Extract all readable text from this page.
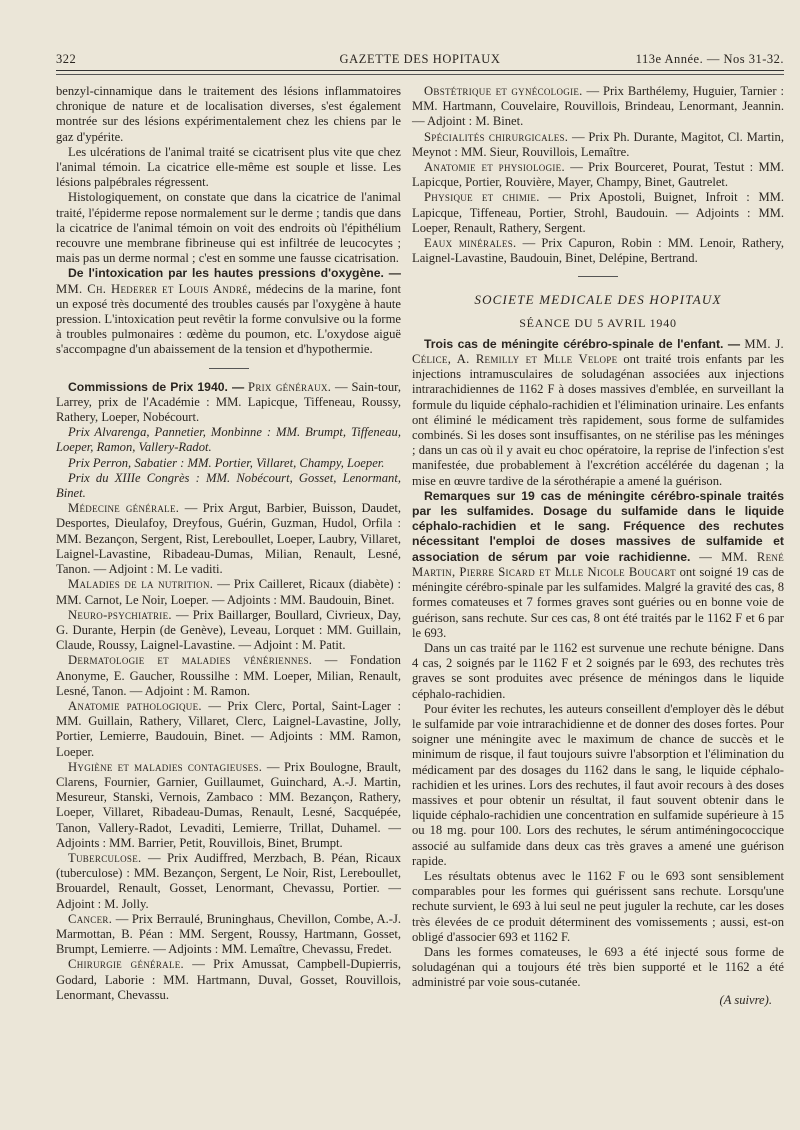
322	GAZETTE DES HOPITAUX	113e Année. — Nos 31-32.

benzyl-cinnamique dans le traitement des lésions inflammatoires chronique de nature et de localisation diverses, s'est également montrée sur des lésions expérimentalement chez les chiens par le gaz d'ypérite.

Les ulcérations de l'animal traité se cicatrisent plus vite que chez l'animal témoin. La cicatrice elle-même est souple et lisse. Les lésions palpébrales régressent.

Histologiquement, on constate que dans la cicatrice de l'animal traité, l'épiderme repose normalement sur le derme ; tandis que dans la cicatrice de l'animal témoin on voit des endroits où l'épithélium recouvre une membrane fibrineuse qui est infiltrée de leucocytes ; mais pas un derme normal ; c'est en somme une fausse cicatrisation.

De l'intoxication par les hautes pressions d'oxygène. — MM. Ch. Hederer et Louis André, médecins de la marine, font un exposé très documenté des troubles causés par l'oxygène à haute pression. L'intoxication peut revêtir la forme convulsive ou la forme à troubles pulmonaires : œdème du poumon, etc. L'oxydose aiguë s'accompagne d'un abaissement de la tension et d'hypothermie.

Commissions de Prix 1940. — Prix généraux. — Sain-tour, Larrey, prix de l'Académie : MM. Lapicque, Tiffeneau, Roussy, Rathery, Loeper, Nobécourt.

Prix Alvarenga, Pannetier, Monbinne : MM. Brumpt, Tiffeneau, Loeper, Ramon, Vallery-Radot.

Prix Perron, Sabatier : MM. Portier, Villaret, Champy, Loeper.

Prix du XIIIe Congrès : MM. Nobécourt, Gosset, Lenormant, Binet.

Médecine générale. — Prix Argut, Barbier, Buisson, Daudet, Desportes, Dieulafoy, Dreyfous, Guérin, Guzman, Hudol, Orfila : MM. Bezançon, Sergent, Rist, Lereboullet, Loeper, Laubry, Villaret, Laignel-Lavastine, Ribadeau-Dumas, Milian, Renault, Lesné, Tanon. — Adjoint : M. Le vaditi.

Maladies de la nutrition. — Prix Cailleret, Ricaux (diabète) : MM. Carnot, Le Noir, Loeper. — Adjoints : MM. Baudouin, Binet.

Neuro-psychiatrie. — Prix Baillarger, Boullard, Civrieux, Day, G. Durante, Herpin (de Genève), Leveau, Lorquet : MM. Guillain, Claude, Roussy, Laignel-Lavastine. — Adjoint : M. Patit.

Dermatologie et maladies vénériennes. — Fondation Anonyme, E. Gaucher, Roussilhe : MM. Loeper, Milian, Renault, Lesné, Tanon. — Adjoint : M. Ramon.

Anatomie pathologique. — Prix Clerc, Portal, Saint-Lager : MM. Guillain, Rathery, Villaret, Clerc, Laignel-Lavastine, Jolly, Portier, Lemierre, Baudouin, Binet. — Adjoints : MM. Ramon, Loeper.

Hygiène et maladies contagieuses. — Prix Boulogne, Brault, Clarens, Fournier, Garnier, Guillaumet, Guinchard, A.-J. Martin, Mesureur, Stanski, Vernois, Zambaco : MM. Bezançon, Rathery, Loeper, Villaret, Ribadeau-Dumas, Renault, Lesné, Sacquépée, Tanon, Vallery-Radot, Levaditi, Lemierre, Trillat, Duhamel. — Adjoints : MM. Barrier, Petit, Rouvillois, Binet, Brumpt.

Tuberculose. — Prix Audiffred, Merzbach, B. Péan, Ricaux (tuberculose) : MM. Bezançon, Sergent, Le Noir, Rist, Lereboullet, Brouardel, Renault, Gosset, Lenormant, Chevassu, Portier. — Adjoint : M. Jolly.

Cancer. — Prix Berraulé, Bruninghaus, Chevillon, Combe, A.-J. Marmottan, B. Péan : MM. Sergent, Roussy, Hartmann, Gosset, Brumpt, Lemierre. — Adjoints : MM. Lemaître, Chevassu, Fredet.

Chirurgie générale. — Prix Amussat, Campbell-Dupierris, Godard, Laborie : MM. Hartmann, Duval, Gosset, Rouvillois, Lenormant, Chevassu.

Obstétrique et gynécologie. — Prix Barthélemy, Huguier, Tarnier : MM. Hartmann, Couvelaire, Rouvillois, Brindeau, Lenormant, Jeannin. — Adjoint : M. Binet.

Spécialités chirurgicales. — Prix Ph. Durante, Magitot, Cl. Martin, Meynot : MM. Sieur, Rouvillois, Lemaître.

Anatomie et physiologie. — Prix Bourceret, Pourat, Testut : MM. Lapicque, Portier, Rouvière, Mayer, Champy, Binet, Gautrelet.

Physique et chimie. — Prix Apostoli, Buignet, Infroit : MM. Lapicque, Tiffeneau, Portier, Strohl, Baudouin. — Adjoints : MM. Loeper, Renault, Rathery, Sergent.

Eaux minérales. — Prix Capuron, Robin : MM. Lenoir, Rathery, Laignel-Lavastine, Baudouin, Binet, Delépine, Bertrand.

SOCIETE MEDICALE DES HOPITAUX
SÉANCE DU 5 AVRIL 1940

Trois cas de méningite cérébro-spinale de l'enfant. — MM. J. Célice, A. Remilly et Mlle Velope ont traité trois enfants par les injections intramusculaires de soludagénan associées aux injections intrarachidiennes de 1162 F à doses massives d'emblée, en surveillant la formule du liquide céphalo-rachidien et l'élimination urinaire. Les enfants ont éliminé le médicament très rapidement, sous forme de sulfamides combinés. Si les doses sont insuffisantes, on ne stérilise pas les méninges ; dans un cas où il y avait eu choc opératoire, la reprise de l'infection s'est manifestée, due probablement à l'excrétion accélérée du dagenan ; la mise en œuvre tardive de la sérothérapie a amené la guérison.

Remarques sur 19 cas de méningite cérébro-spinale traités par les sulfamides. Dosage du sulfamide dans le liquide céphalo-rachidien et le sang. Fréquence des rechutes nécessitant l'emploi de doses massives de sulfamide et association de sérum par voie rachidienne. — MM. René Martin, Pierre Sicard et Mlle Nicole Boucart ont soigné 19 cas de méningite cérébro-spinale par les sulfamides. Malgré la gravité des cas, 8 formes comateuses et 7 formes graves sont guéries ou en bonne voie de guérison, sans rechute. Sur ces cas, 8 ont été traités par le 1162 F et 6 par le 693.

Dans un cas traité par le 1162 est survenue une rechute bénigne. Dans 4 cas, 2 soignés par le 1162 F et 2 soignés par le 693, des rechutes très graves se sont produites avec présence de méningos dans le liquide céphalo-rachidien.

Pour éviter les rechutes, les auteurs conseillent d'employer dès le début le sulfamide par voie intrarachidienne et de donner des doses fortes. Pour soigner une méningite avec le maximum de chance de succès et le minimum de risque, il faut toujours suivre l'absorption et l'élimination du médicament par des dosages du 1162 dans le sang, le liquide céphalo-rachidien et les urines. Lors des rechutes, il faut avoir recours à des doses massives et pour obtenir un résultat, il faut souvent obtenir dans le liquide céphalo-rachidien une concentration en sulfamide supérieure à 15 ou 18 mg. pour 100. Lors des rechutes, le sérum antiméningococcique associé au sulfamide dans deux cas très graves a amené une guérison rapide.

Les résultats obtenus avec le 1162 F ou le 693 sont sensiblement comparables pour les formes qui guérissent sans rechute. Lorsqu'une rechute survient, le 693 à lui seul ne peut juguler la rechute, car les doses très élevées de ce produit déterminent des vomissements ; aussi, est-on obligé d'associer 693 et 1162 F.

Dans les formes comateuses, le 693 a été injecté sous forme de soludagénan qui a toujours été très bien supporté et le 1162 a été administré par voie sous-cutanée.

(A suivre).
